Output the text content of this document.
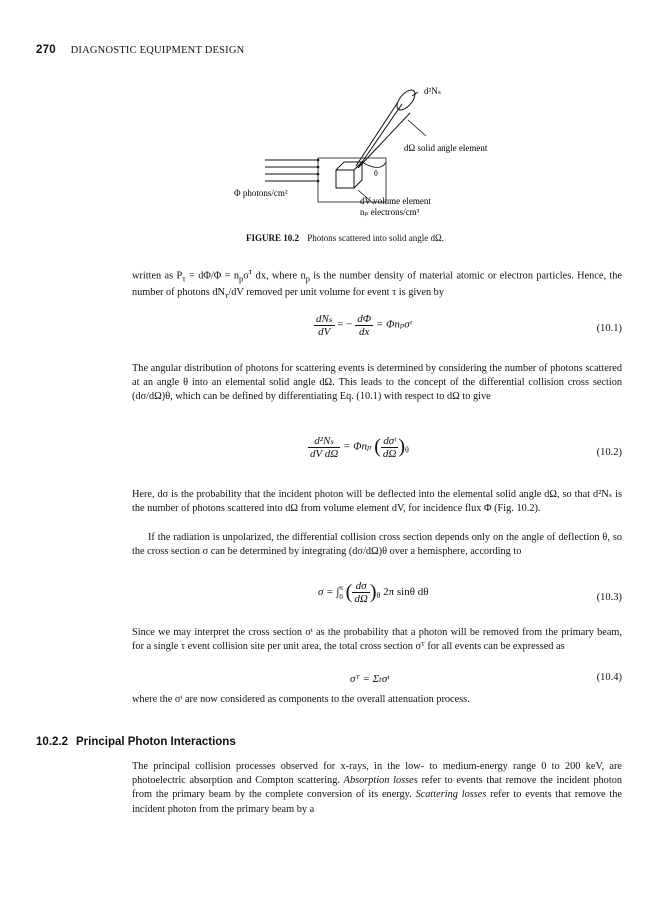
270 DIAGNOSTIC EQUIPMENT DESIGN
d²Nₛ
dΩ solid angle element
θ
Φ photons/cm²
dV volume element
nₚ electrons/cm³
FIGURE 10.2 Photons scattered into solid angle dΩ.

written as $P_\tau = d\Phi/\Phi = n_p\sigma^\tau$ dx, where $n_p$ is the number density of material atomic or electron particles. Hence, the number of photons $dN_\tau/dV$ removed per unit volume for event τ is given by

$\frac{\text{dNₛ}}{dV}$ = − $\frac{d\Phi}{dx}$ = Φnₚσᵗ	(10.1)

The angular distribution of photons for scattering events is determined by considering the number of photons scattered at an angle θ into an elemental solid angle dΩ. This leads to the concept of the differential collision cross section (dσ/dΩ)θ, which can be defined by differentiating Eq. (10.1) with respect to dΩ to give

$\frac{\text{d²Nₛ}}{\text{dV dΩ}} = \Phi n_p$ ( $\frac{\text{dσᵗ}}{d\Omega} )_\theta$	(10.2)

Here, dσ is the probability that the incident photon will be deflected into the elemental solid angle dΩ, so that d²Nₛ is the number of photons scattered into dΩ from volume element dV, for incidence flux Φ (Fig. 10.2).

If the radiation is unpolarized, the differential collision cross section depends only on the angle of deflection θ, so the cross section σ can be determined by integrating (dσ/dΩ)θ over a hemisphere, according to

σ = ∫ π
0 ( $\frac{d\sigma}{d\Omega} )_\theta$ 2π sinθ dθ	(10.3)

Since we may interpret the cross section σᵗ as the probability that a photon will be removed from the primary beam, for a single τ event collision site per unit area, the total cross section σᵀ for all events can be expressed as

σᵀ = Σₜσᵗ	(10.4)

where the σᵗ are now considered as components to the overall attenuation process.

10.2.2 Principal Photon Interactions

The principal collision processes observed for x-rays, in the low- to medium-energy range 0 to 200 keV, are photoelectric absorption and Compton scattering. Absorption losses refer to events that remove the incident photon from the primary beam by the complete conversion of its energy. Scattering losses refer to events that remove the incident photon from the primary beam by a
